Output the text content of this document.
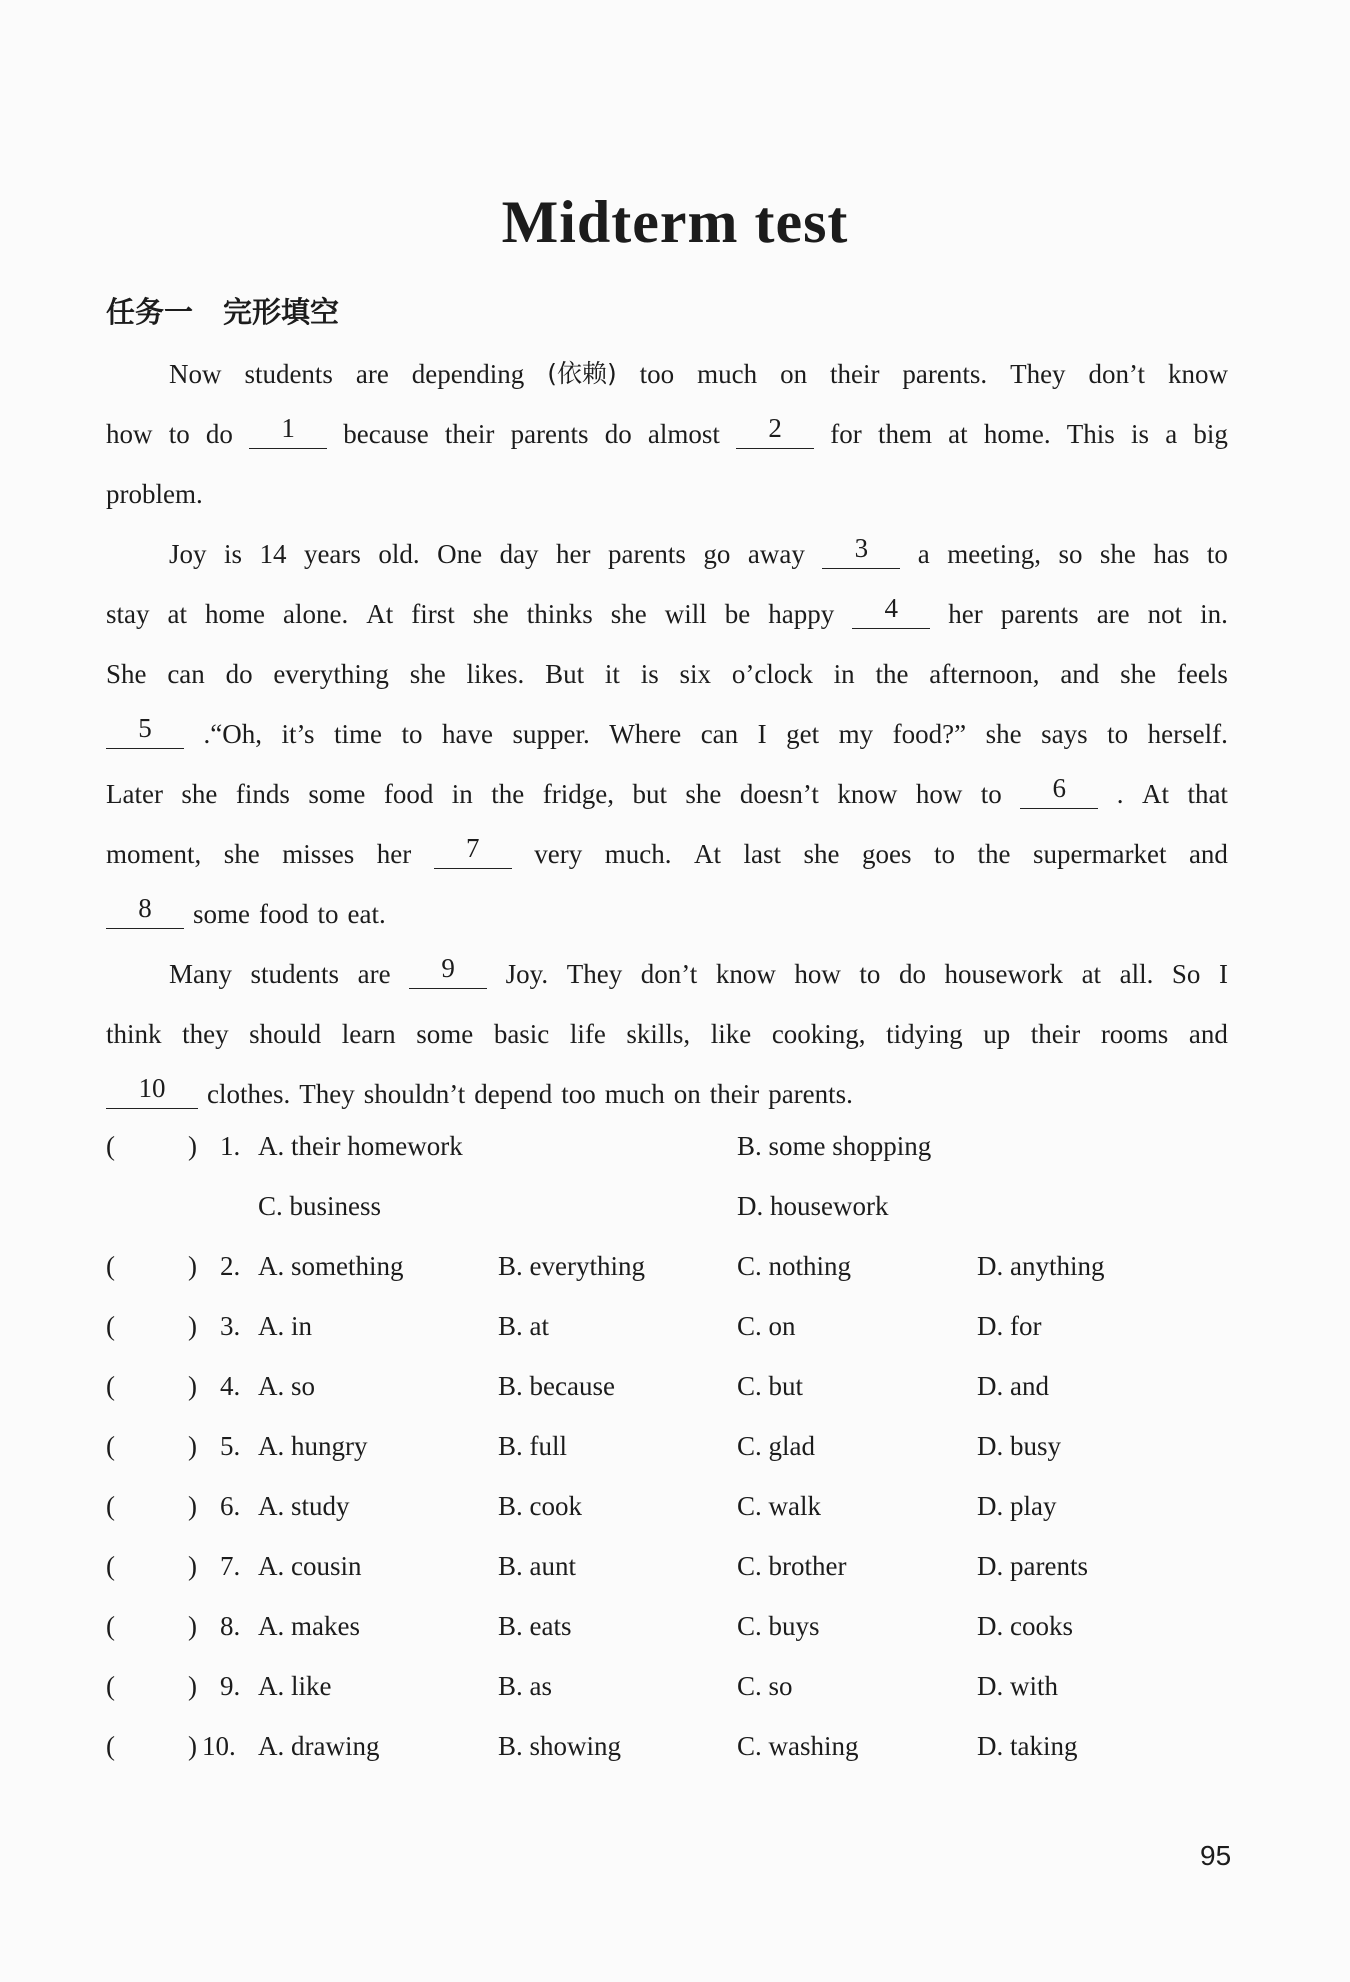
Midterm test
任务一 完形填空
Now students are depending (依赖) too much on their parents. They don’t know
how to do	1	because their parents do almost	2	for them at home. This is a big
problem.
Joy is 14 years old. One day her parents go away	3	a meeting, so she has to
stay at home alone. At first she thinks she will be happy	4	her parents are not in.
She can do everything she likes. But it is six o’clock in the afternoon, and she feels
5	.“Oh, it’s time to have supper. Where can I get my food?” she says to herself.
Later she finds some food in the fridge, but she doesn’t know how to	6	. At that
moment, she misses her	7	very much. At last she goes to the supermarket and
8	some food to eat.
Many students are	9	Joy. They don’t know how to do housework at all. So I
think they should learn some basic life skills, like cooking, tidying up their rooms and
10	clothes. They shouldn’t depend too much on their parents.
(	) 1. A. their homework	B. some shopping
C. business	D. housework
(	) 2. A. something	B. everything	C. nothing	D. anything
(	) 3. A. in	B. at	C. on	D. for
(	) 4. A. so	B. because	C. but	D. and
(	) 5. A. hungry	B. full	C. glad	D. busy
(	) 6. A. study	B. cook	C. walk	D. play
(	) 7. A. cousin	B. aunt	C. brother	D. parents
(	) 8. A. makes	B. eats	C. buys	D. cooks
(	) 9. A. like	B. as	C. so	D. with
(	) 10. A. drawing	B. showing	C. washing	D. taking
95
